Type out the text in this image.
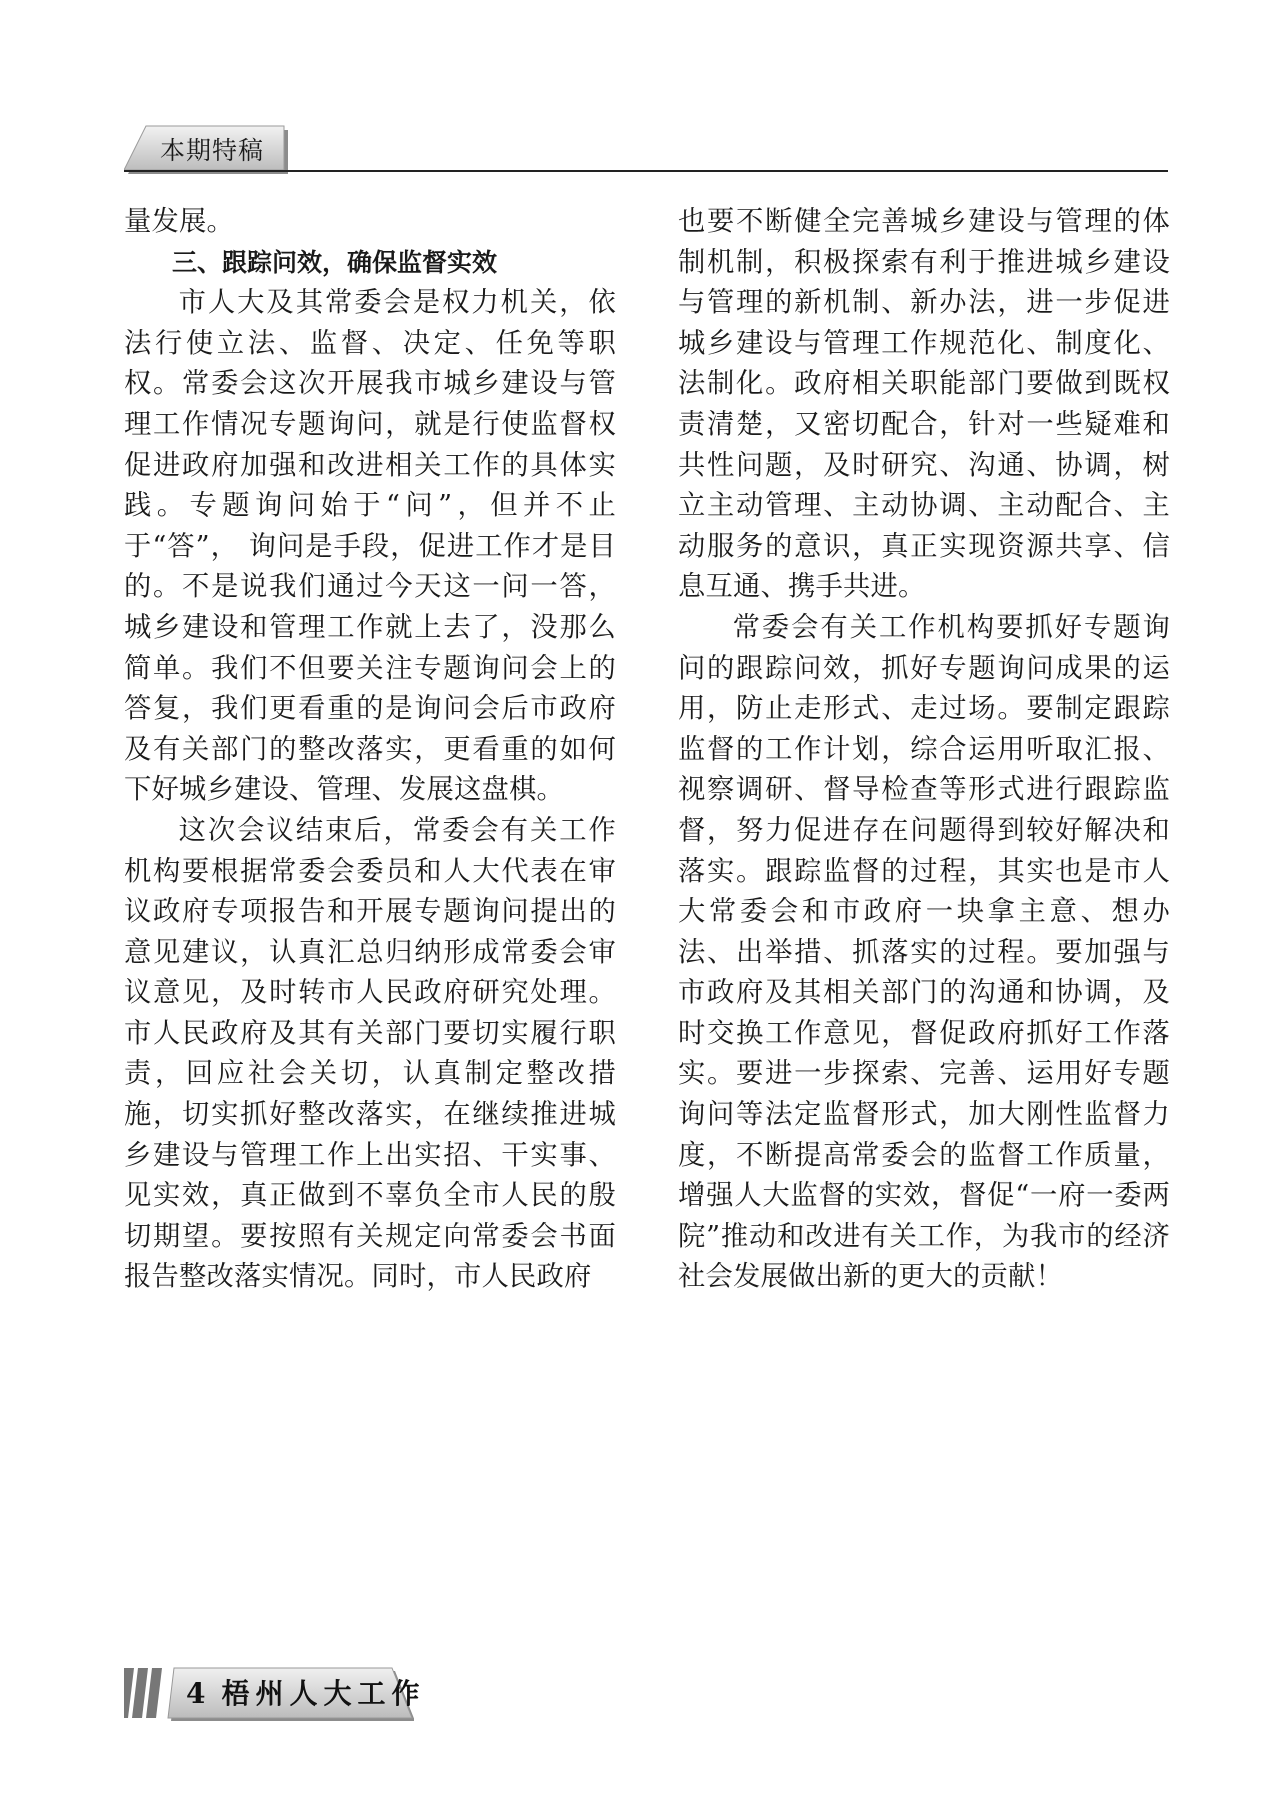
本期特稿

量发展。

三、跟踪问效，确保监督实效

市人大及其常委会是权力机关，依法行使立法、监督、决定、任免等职权。常委会这次开展我市城乡建设与管理工作情况专题询问，就是行使监督权促进政府加强和改进相关工作的具体实践。专题询问始于“问”，但并不止于“答”， 询问是手段，促进工作才是目的。不是说我们通过今天这一问一答，城乡建设和管理工作就上去了，没那么简单。我们不但要关注专题询问会上的答复，我们更看重的是询问会后市政府及有关部门的整改落实，更看重的如何下好城乡建设、管理、发展这盘棋。

这次会议结束后，常委会有关工作机构要根据常委会委员和人大代表在审议政府专项报告和开展专题询问提出的意见建议，认真汇总归纳形成常委会审议意见，及时转市人民政府研究处理。市人民政府及其有关部门要切实履行职责，回应社会关切，认真制定整改措施，切实抓好整改落实，在继续推进城乡建设与管理工作上出实招、干实事、见实效，真正做到不辜负全市人民的殷切期望。要按照有关规定向常委会书面报告整改落实情况。同时，市人民政府

也要不断健全完善城乡建设与管理的体制机制，积极探索有利于推进城乡建设与管理的新机制、新办法，进一步促进城乡建设与管理工作规范化、制度化、法制化。政府相关职能部门要做到既权责清楚，又密切配合，针对一些疑难和共性问题，及时研究、沟通、协调，树立主动管理、主动协调、主动配合、主动服务的意识，真正实现资源共享、信息互通、携手共进。

常委会有关工作机构要抓好专题询问的跟踪问效，抓好专题询问成果的运用，防止走形式、走过场。要制定跟踪监督的工作计划，综合运用听取汇报、视察调研、督导检查等形式进行跟踪监督，努力促进存在问题得到较好解决和落实。跟踪监督的过程，其实也是市人大常委会和市政府一块拿主意、想办法、出举措、抓落实的过程。要加强与市政府及其相关部门的沟通和协调，及时交换工作意见，督促政府抓好工作落实。要进一步探索、完善、运用好专题询问等法定监督形式，加大刚性监督力度，不断提高常委会的监督工作质量，增强人大监督的实效，督促“一府一委两院”推动和改进有关工作，为我市的经济社会发展做出新的更大的贡献！

4 梧州人大工作
